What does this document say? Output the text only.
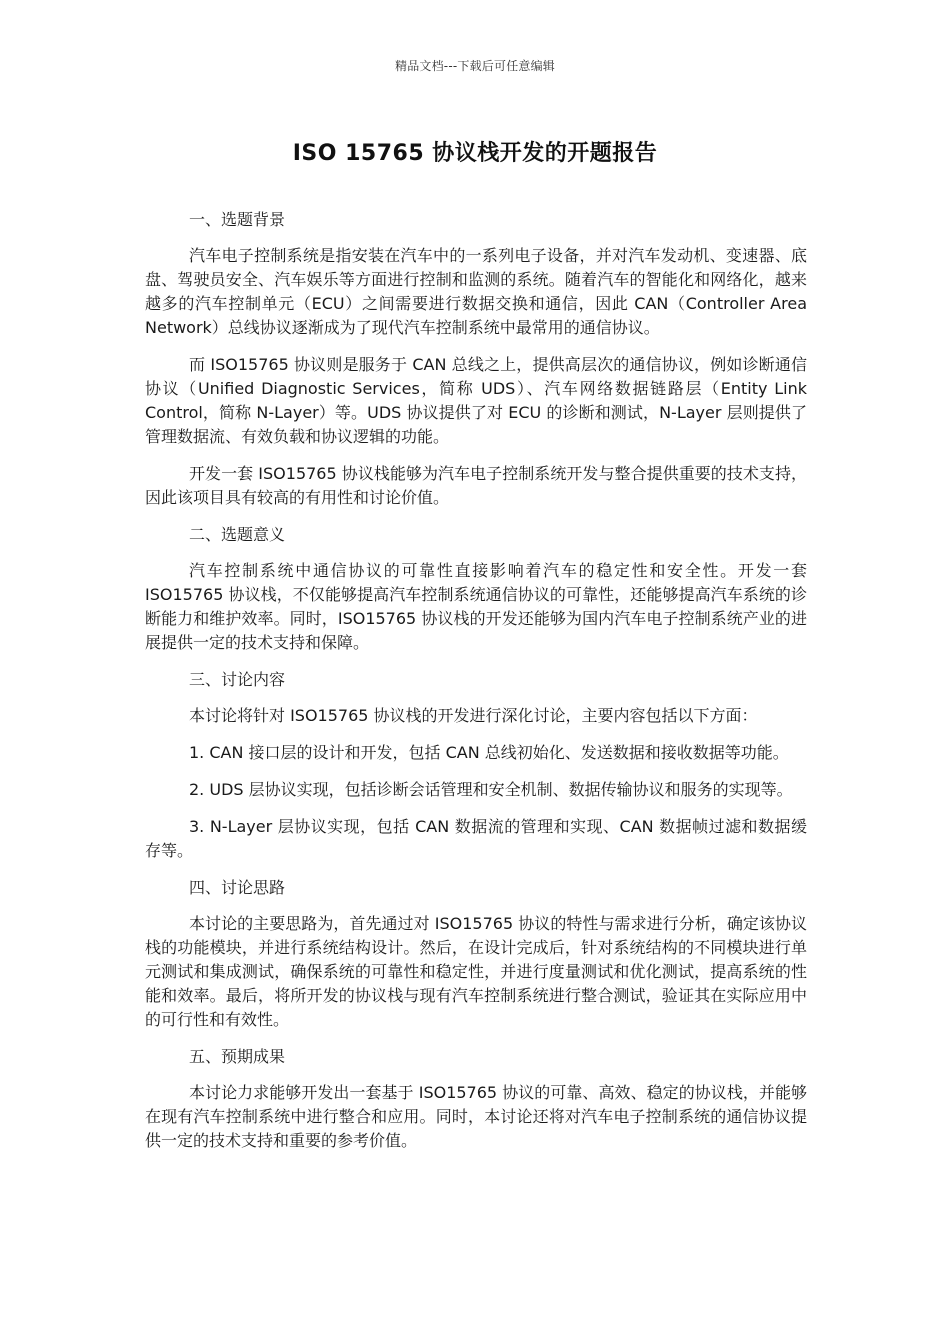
精品文档---下载后可任意编辑
ISO 15765 协议栈开发的开题报告

一、选题背景

汽车电子控制系统是指安装在汽车中的一系列电子设备，并对汽车发动机、变速器、底盘、驾驶员安全、汽车娱乐等方面进行控制和监测的系统。随着汽车的智能化和网络化，越来越多的汽车控制单元（ECU）之间需要进行数据交换和通信，因此 CAN（Controller Area Network）总线协议逐渐成为了现代汽车控制系统中最常用的通信协议。

而 ISO15765 协议则是服务于 CAN 总线之上，提供高层次的通信协议，例如诊断通信协议（Unified Diagnostic Services，简称 UDS）、汽车网络数据链路层（Entity Link Control，简称 N-Layer）等。UDS 协议提供了对 ECU 的诊断和测试，N-Layer 层则提供了管理数据流、有效负载和协议逻辑的功能。

开发一套 ISO15765 协议栈能够为汽车电子控制系统开发与整合提供重要的技术支持，因此该项目具有较高的有用性和讨论价值。

二、选题意义

汽车控制系统中通信协议的可靠性直接影响着汽车的稳定性和安全性。开发一套 ISO15765 协议栈，不仅能够提高汽车控制系统通信协议的可靠性，还能够提高汽车系统的诊断能力和维护效率。同时，ISO15765 协议栈的开发还能够为国内汽车电子控制系统产业的进展提供一定的技术支持和保障。

三、讨论内容

本讨论将针对 ISO15765 协议栈的开发进行深化讨论，主要内容包括以下方面：

1. CAN 接口层的设计和开发，包括 CAN 总线初始化、发送数据和接收数据等功能。

2. UDS 层协议实现，包括诊断会话管理和安全机制、数据传输协议和服务的实现等。

3. N-Layer 层协议实现，包括 CAN 数据流的管理和实现、CAN 数据帧过滤和数据缓存等。

四、讨论思路

本讨论的主要思路为，首先通过对 ISO15765 协议的特性与需求进行分析，确定该协议栈的功能模块，并进行系统结构设计。然后，在设计完成后，针对系统结构的不同模块进行单元测试和集成测试，确保系统的可靠性和稳定性，并进行度量测试和优化测试，提高系统的性能和效率。最后，将所开发的协议栈与现有汽车控制系统进行整合测试，验证其在实际应用中的可行性和有效性。

五、预期成果

本讨论力求能够开发出一套基于 ISO15765 协议的可靠、高效、稳定的协议栈，并能够在现有汽车控制系统中进行整合和应用。同时，本讨论还将对汽车电子控制系统的通信协议提供一定的技术支持和重要的参考价值。
